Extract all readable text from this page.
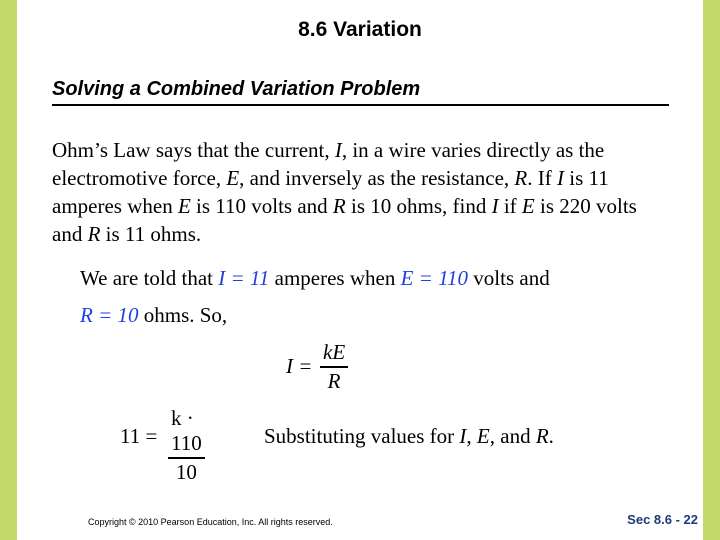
8.6 Variation
Solving a Combined Variation Problem
Ohm’s Law says that the current, I, in a wire varies directly as the electromotive force, E, and inversely as the resistance, R. If I is 11 amperes when E is 110 volts and R is 10 ohms, find I if E is 220 volts and R is 11 ohms.
We are told that I = 11 amperes when E = 110 volts and
R = 10 ohms. So,
I =
kE
R
11 =
k · 110
10
Substituting values for I, E, and R.
Copyright © 2010 Pearson Education, Inc. All rights reserved.	Sec 8.6 - 22
